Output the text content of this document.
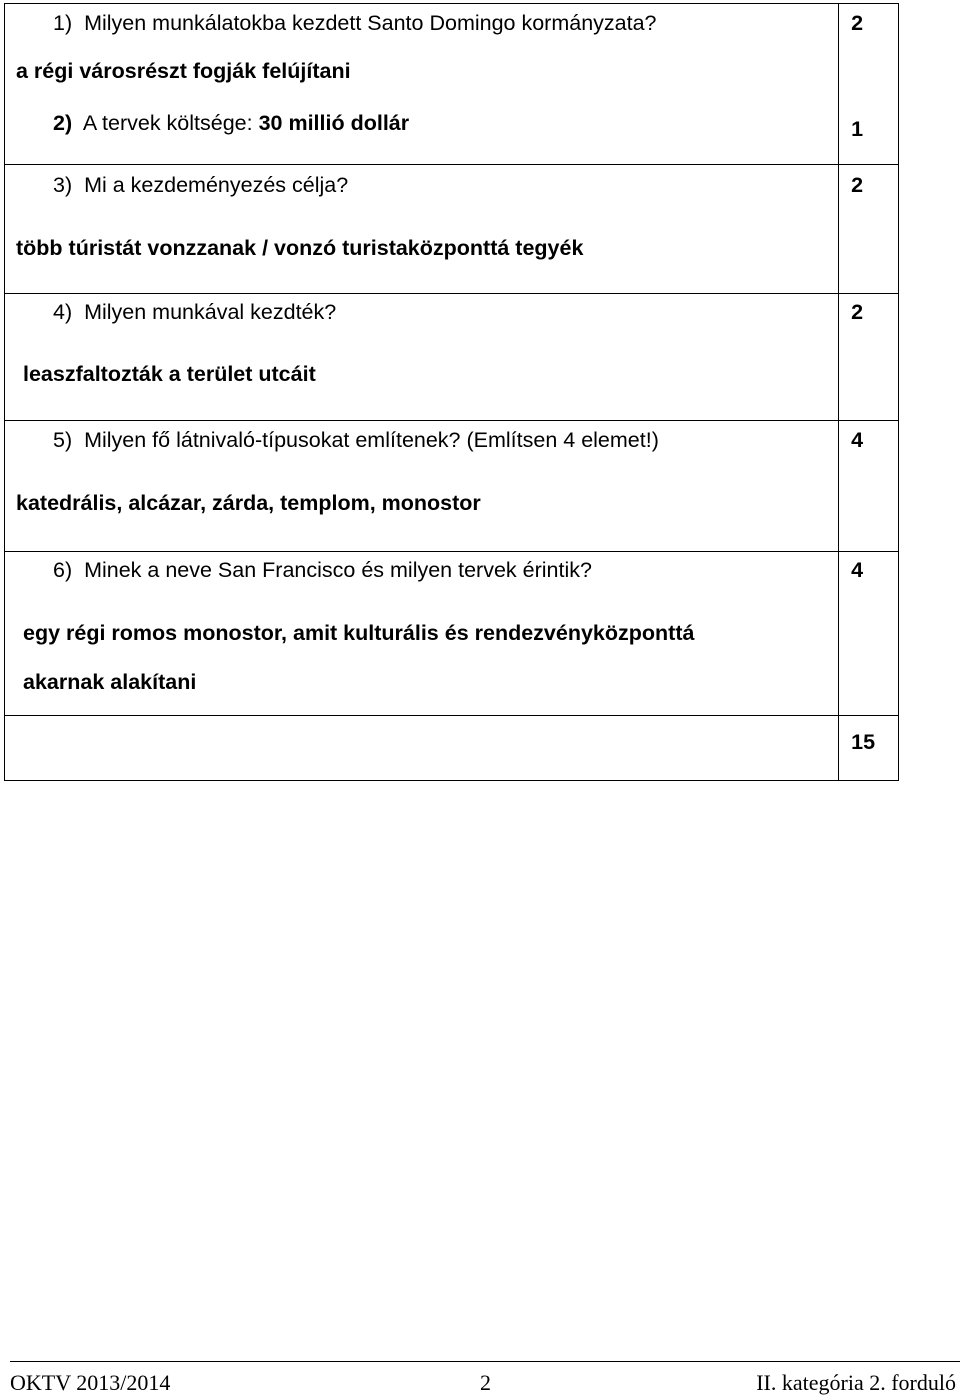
1) Milyen munkálatokba kezdett Santo Domingo kormányzata?
a régi városrészt fogják felújítani
2) A tervek költsége: 30 millió dollár
2
1
3) Mi a kezdeményezés célja?
több túristát vonzzanak / vonzó turistaközponttá tegyék
2
4) Milyen munkával kezdték?
leaszfaltozták a terület utcáit
2
5) Milyen fő látnivaló-típusokat említenek? (Említsen 4 elemet!)
katedrális, alcázar, zárda, templom, monostor
4
6) Minek a neve San Francisco és milyen tervek érintik?
egy régi romos monostor, amit kulturális és rendezvényközponttá
akarnak alakítani
4
15
OKTV 2013/2014	2	II. kategória 2. forduló
